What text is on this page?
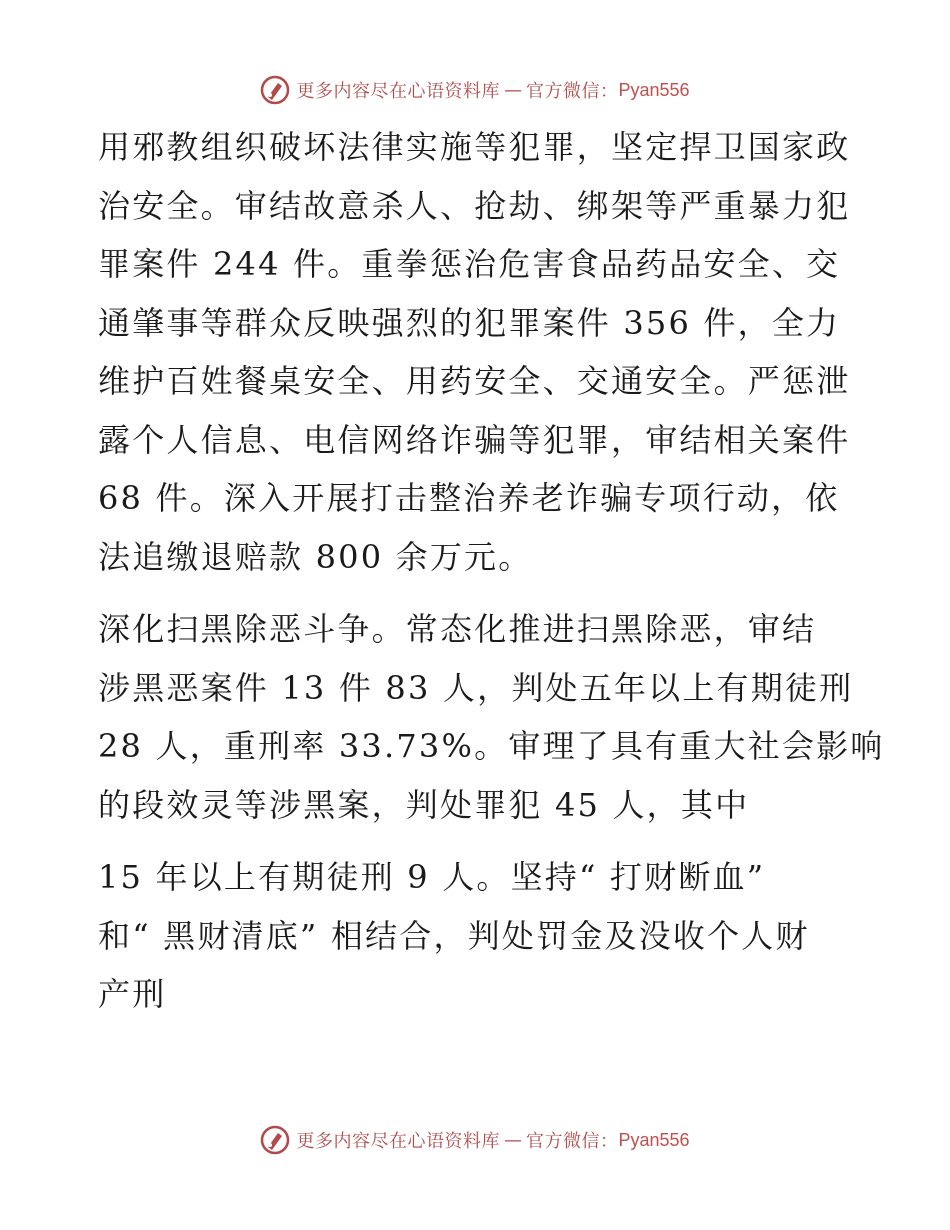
更多内容尽在心语资料库 — 官方微信： Pyan556

用邪教组织破坏法律实施等犯罪，坚定捍卫国家政
治安全。审结故意杀人、抢劫、绑架等严重暴力犯
罪案件 244 件。重拳惩治危害食品药品安全、交
通肇事等群众反映强烈的犯罪案件 356 件，全力
维护百姓餐桌安全、用药安全、交通安全。严惩泄
露个人信息、电信网络诈骗等犯罪，审结相关案件
68 件。深入开展打击整治养老诈骗专项行动，依
法追缴退赔款 800 余万元。

深化扫黑除恶斗争。常态化推进扫黑除恶，审结
涉黑恶案件 13 件 83 人，判处五年以上有期徒刑
28 人，重刑率 33.73%。审理了具有重大社会影响
的段效灵等涉黑案，判处罪犯 45 人，其中

15 年以上有期徒刑 9 人。坚持“ 打财断血”
和“ 黑财清底” 相结合，判处罚金及没收个人财
产刑

更多内容尽在心语资料库 — 官方微信： Pyan556
